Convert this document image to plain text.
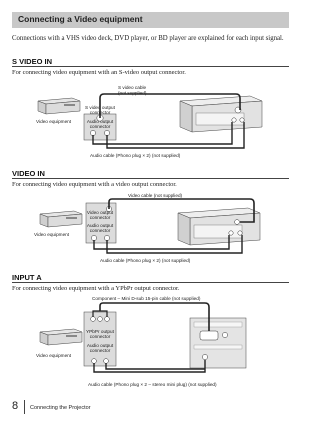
Connecting a Video equipment

Connections with a VHS video deck, DVD player, or BD player are explained for each input signal.

S VIDEO IN
For connecting video equipment with an S-video output connector.
VIDEO IN
For connecting video equipment with a video output connector.
INPUT A
For connecting video equipment with a YPbPr output connector.
Video equipment
S video output
connector
Audio output
connector
S video cable
(not supplied)
Audio cable (Phono plug × 2) (not supplied)
Video equipment
Video output
connector
Audio output
connector
Video cable (not supplied)
Audio cable (Phono plug × 2) (not supplied)
Video equipment
YPbPr output
connector
Audio output
connector
Component – Mini D-sub 15-pin cable (not supplied)
Audio cable (Phono plug × 2 – stereo mini plug) (not supplied)
8 Connecting the Projector
